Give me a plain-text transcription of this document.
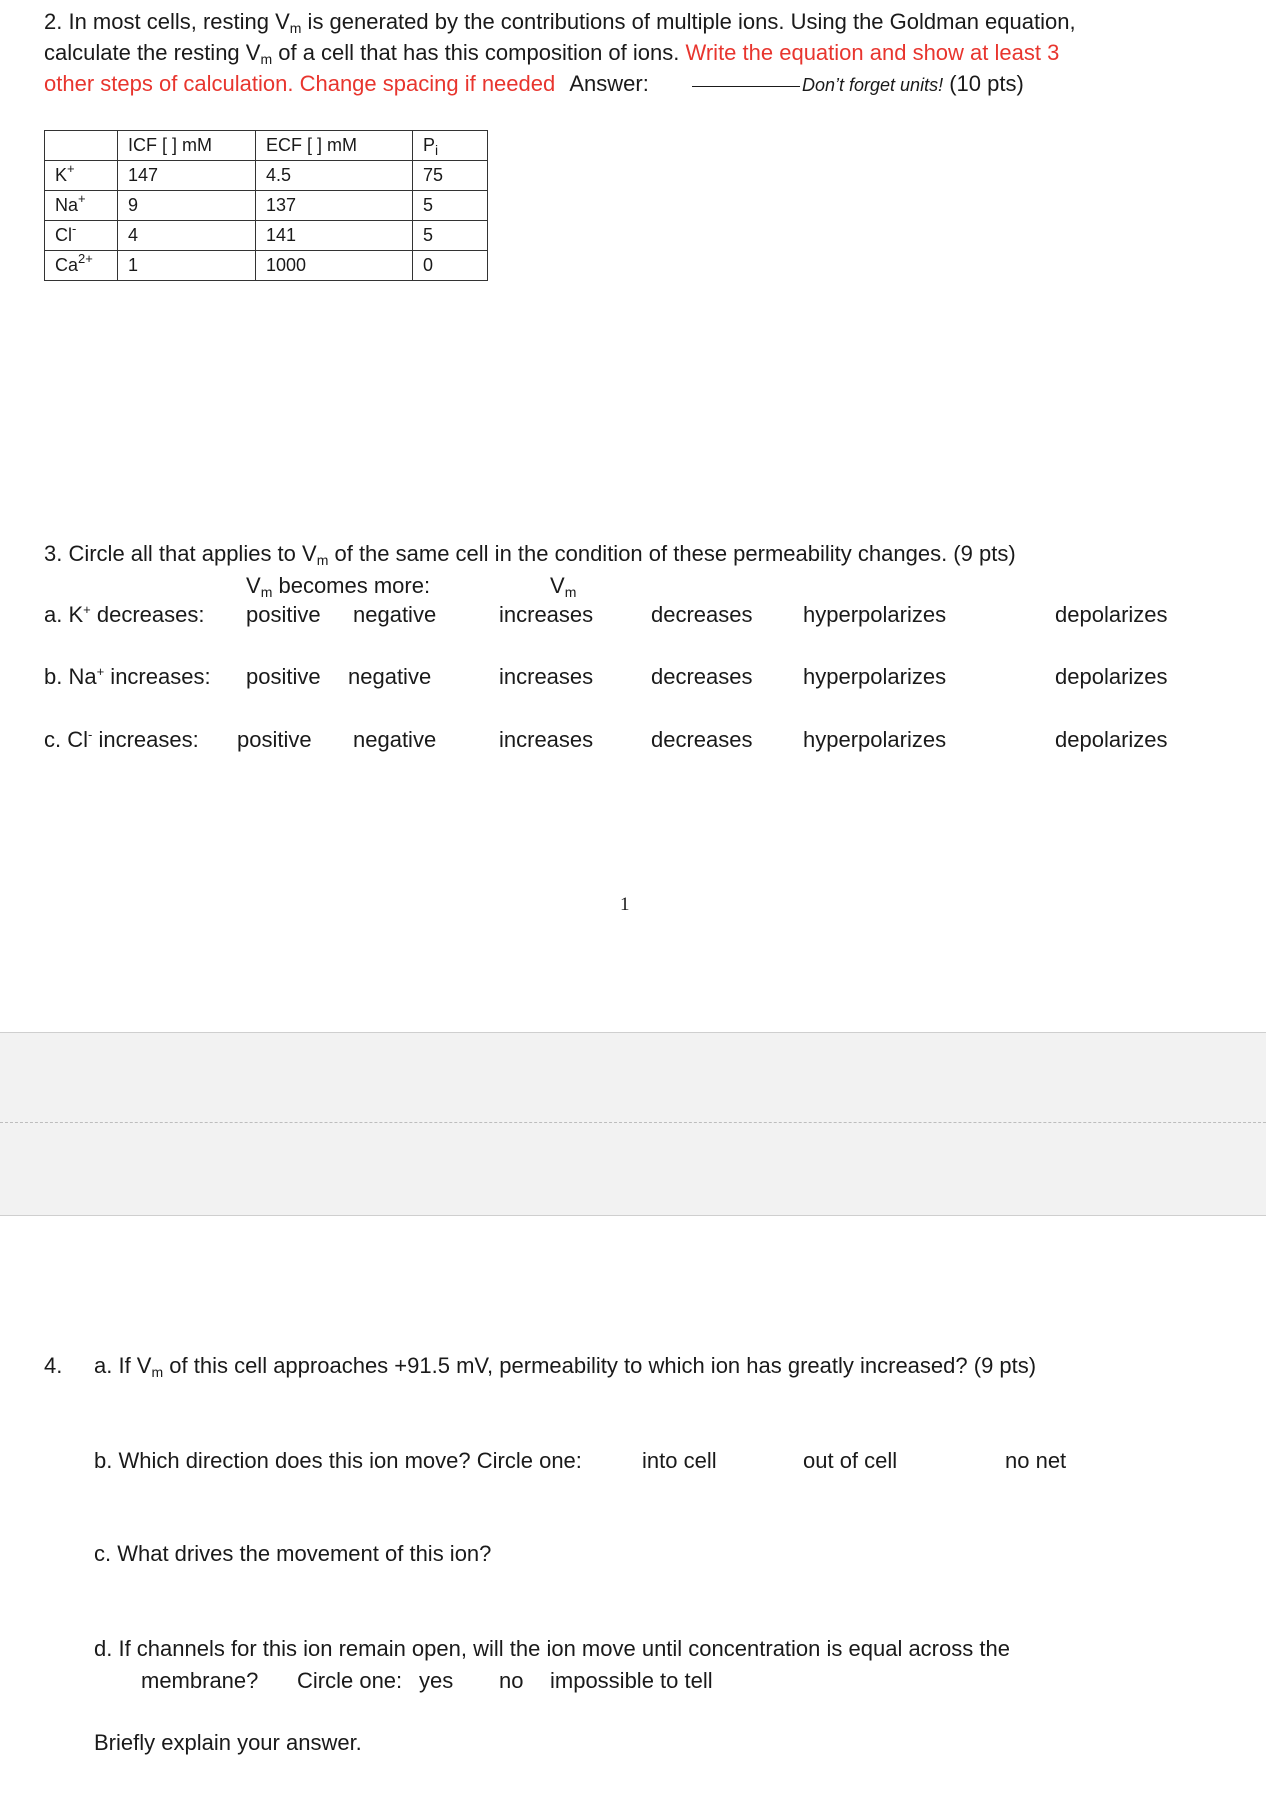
2. In most cells, resting $V_m$ is generated by the contributions of multiple ions. Using the Goldman equation,
calculate the resting $V_m$ of a cell that has this composition of ions. Write the equation and show at least 3
other steps of calculation. Change spacing if needed Answer:	Don’t forget units! (10 pts)
	ICF [ ] mM	ECF [ ] mM	$P_i$
K+	147	4.5	75
Na+	9	137	5
Cl-	4	141	5
$Ca^{2+}$	1	1000	0
3. Circle all that applies to $V_m$ of the same cell in the condition of these permeability changes. (9 pts)
$V_m$ becomes more:	$V_m$
a. K+ decreases: positive negative	increases	decreases hyperpolarizes	depolarizes
b. Na+ increases: positive negative	increases	decreases hyperpolarizes	depolarizes
c. Cl- increases: positive negative	increases	decreases hyperpolarizes	depolarizes
1
4. a. If $V_m$ of this cell approaches +91.5 mV, permeability to which ion has greatly increased? (9 pts)
b. Which direction does this ion move? Circle one:	into cell	out of cell	no net
c. What drives the movement of this ion?
d. If channels for this ion remain open, will the ion move until concentration is equal across the
membrane? Circle one: yes no impossible to tell
Briefly explain your answer.
